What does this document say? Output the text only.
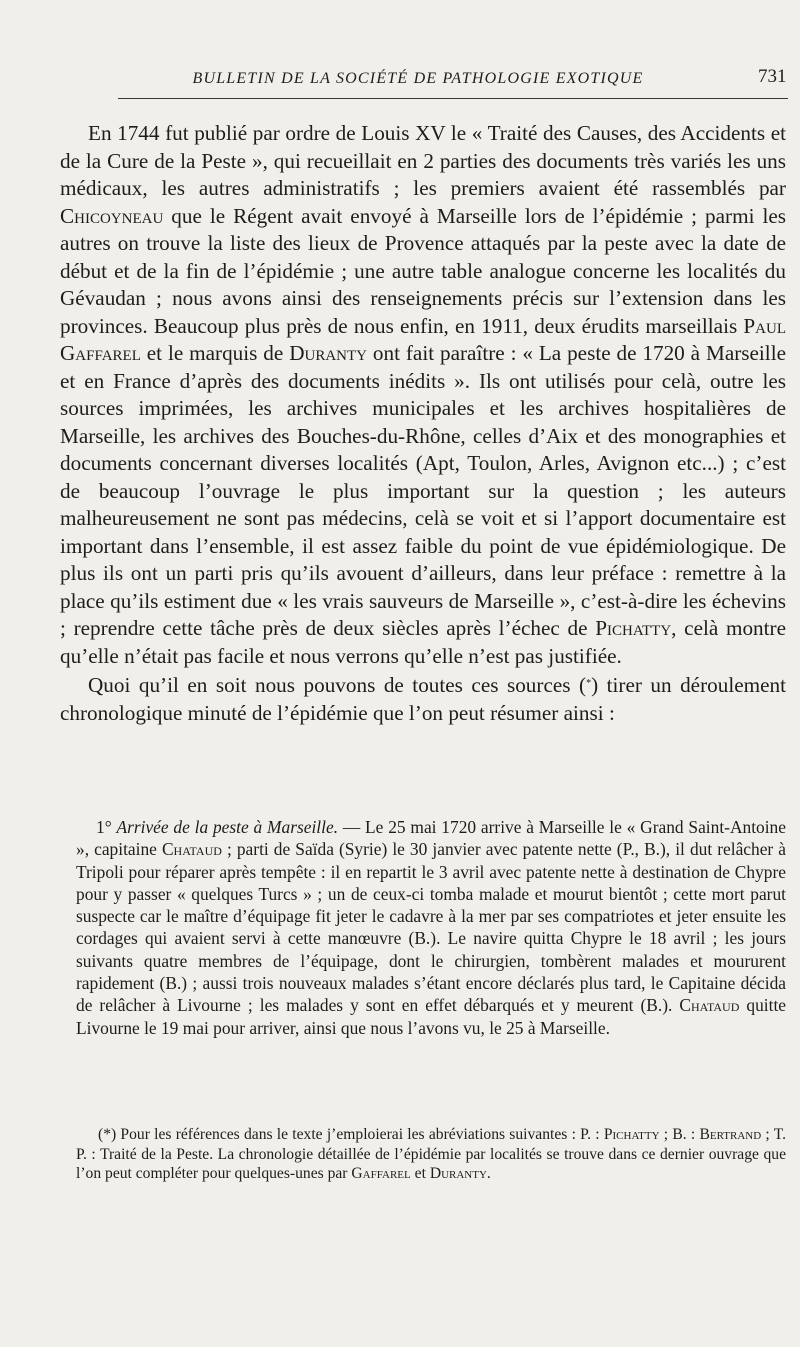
BULLETIN DE LA SOCIÉTÉ DE PATHOLOGIE EXOTIQUE	731

En 1744 fut publié par ordre de Louis XV le « Traité des Causes, des Accidents et de la Cure de la Peste », qui recueillait en 2 parties des documents très variés les uns médicaux, les autres administratifs ; les premiers avaient été rassemblés par Chicoyneau que le Régent avait envoyé à Marseille lors de l’épidémie ; parmi les autres on trouve la liste des lieux de Provence attaqués par la peste avec la date de début et de la fin de l’épidémie ; une autre table analogue concerne les localités du Gévaudan ; nous avons ainsi des renseignements précis sur l’extension dans les provinces. Beaucoup plus près de nous enfin, en 1911, deux érudits marseillais Paul Gaffarel et le marquis de Duranty ont fait paraître : « La peste de 1720 à Marseille et en France d’après des documents inédits ». Ils ont utilisés pour celà, outre les sources imprimées, les archives municipales et les archives hospitalières de Marseille, les archives des Bouches-du-Rhône, celles d’Aix et des monographies et documents concernant diverses localités (Apt, Toulon, Arles, Avignon etc...) ; c’est de beaucoup l’ouvrage le plus important sur la question ; les auteurs malheureusement ne sont pas médecins, celà se voit et si l’apport documentaire est important dans l’ensemble, il est assez faible du point de vue épidémiologique. De plus ils ont un parti pris qu’ils avouent d’ailleurs, dans leur préface : remettre à la place qu’ils estiment due « les vrais sauveurs de Marseille », c’est-à-dire les échevins ; reprendre cette tâche près de deux siècles après l’échec de Pichatty, celà montre qu’elle n’était pas facile et nous verrons qu’elle n’est pas justifiée.

Quoi qu’il en soit nous pouvons de toutes ces sources (*) tirer un déroulement chronologique minuté de l’épidémie que l’on peut résumer ainsi :

1° Arrivée de la peste à Marseille. — Le 25 mai 1720 arrive à Marseille le « Grand Saint-Antoine », capitaine Chataud ; parti de Saïda (Syrie) le 30 janvier avec patente nette (P., B.), il dut relâcher à Tripoli pour réparer après tempête : il en repartit le 3 avril avec patente nette à destination de Chypre pour y passer « quelques Turcs » ; un de ceux-ci tomba malade et mourut bientôt ; cette mort parut suspecte car le maître d’équipage fit jeter le cadavre à la mer par ses compatriotes et jeter ensuite les cordages qui avaient servi à cette manœuvre (B.). Le navire quitta Chypre le 18 avril ; les jours suivants quatre membres de l’équipage, dont le chirurgien, tombèrent malades et moururent rapidement (B.) ; aussi trois nouveaux malades s’étant encore déclarés plus tard, le Capitaine décida de relâcher à Livourne ; les malades y sont en effet débarqués et y meurent (B.). Chataud quitte Livourne le 19 mai pour arriver, ainsi que nous l’avons vu, le 25 à Marseille.

(*) Pour les références dans le texte j’emploierai les abréviations suivantes : P. : Pichatty ; B. : Bertrand ; T. P. : Traité de la Peste. La chronologie détaillée de l’épidémie par localités se trouve dans ce dernier ouvrage que l’on peut compléter pour quelques-unes par Gaffarel et Duranty.
